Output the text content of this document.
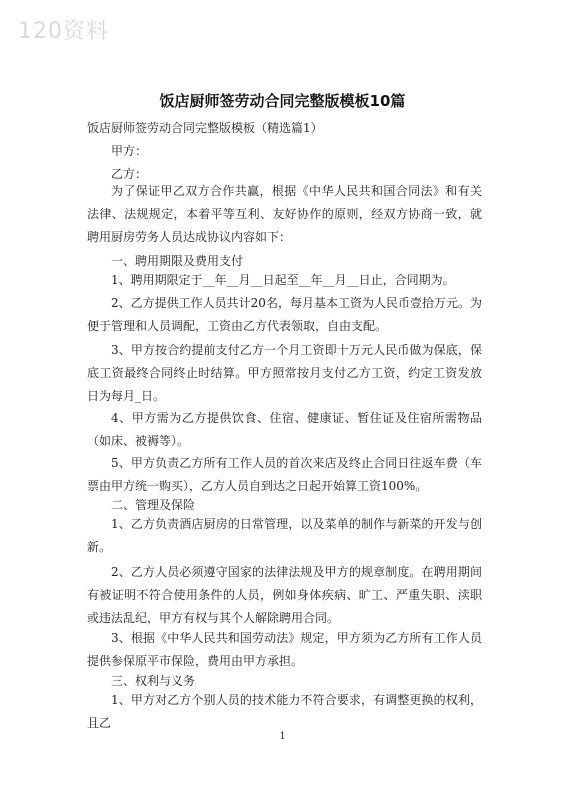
120资料
饭店厨师签劳动合同完整版模板10篇
饭店厨师签劳动合同完整版模板（精选篇1）
甲方：
乙方：
为了保证甲乙双方合作共赢，根据《中华人民共和国合同法》和有关法律、法规规定，本着平等互利、友好协作的原则，经双方协商一致，就聘用厨房劳务人员达成协议内容如下：
一、聘用期限及费用支付
1、聘用期限定于__年__月__日起至__年__月__日止，合同期为。
2、乙方提供工作人员共计20名，每月基本工资为人民币壹拾万元。为便于管理和人员调配，工资由乙方代表领取，自由支配。
3、甲方按合约提前支付乙方一个月工资即十万元人民币做为保底，保底工资最终合同终止时结算。甲方照常按月支付乙方工资，约定工资发放日为每月_日。
4、甲方需为乙方提供饮食、住宿、健康证、暂住证及住宿所需物品（如床、被褥等）。
5、甲方负责乙方所有工作人员的首次来店及终止合同日往返车费（车票由甲方统一购买），乙方人员自到达之日起开始算工资100%。
二、管理及保险
1、乙方负责酒店厨房的日常管理，以及菜单的制作与新菜的开发与创新。
2、乙方人员必须遵守国家的法律法规及甲方的规章制度。在聘用期间有被证明不符合使用条件的人员，例如身体疾病、旷工、严重失职、渎职或违法乱纪，甲方有权与其个人解除聘用合同。
3、根据《中华人民共和国劳动法》规定，甲方须为乙方所有工作人员提供参保原平市保险，费用由甲方承担。
三、权利与义务
1、甲方对乙方个别人员的技术能力不符合要求，有调整更换的权利，且乙
1
